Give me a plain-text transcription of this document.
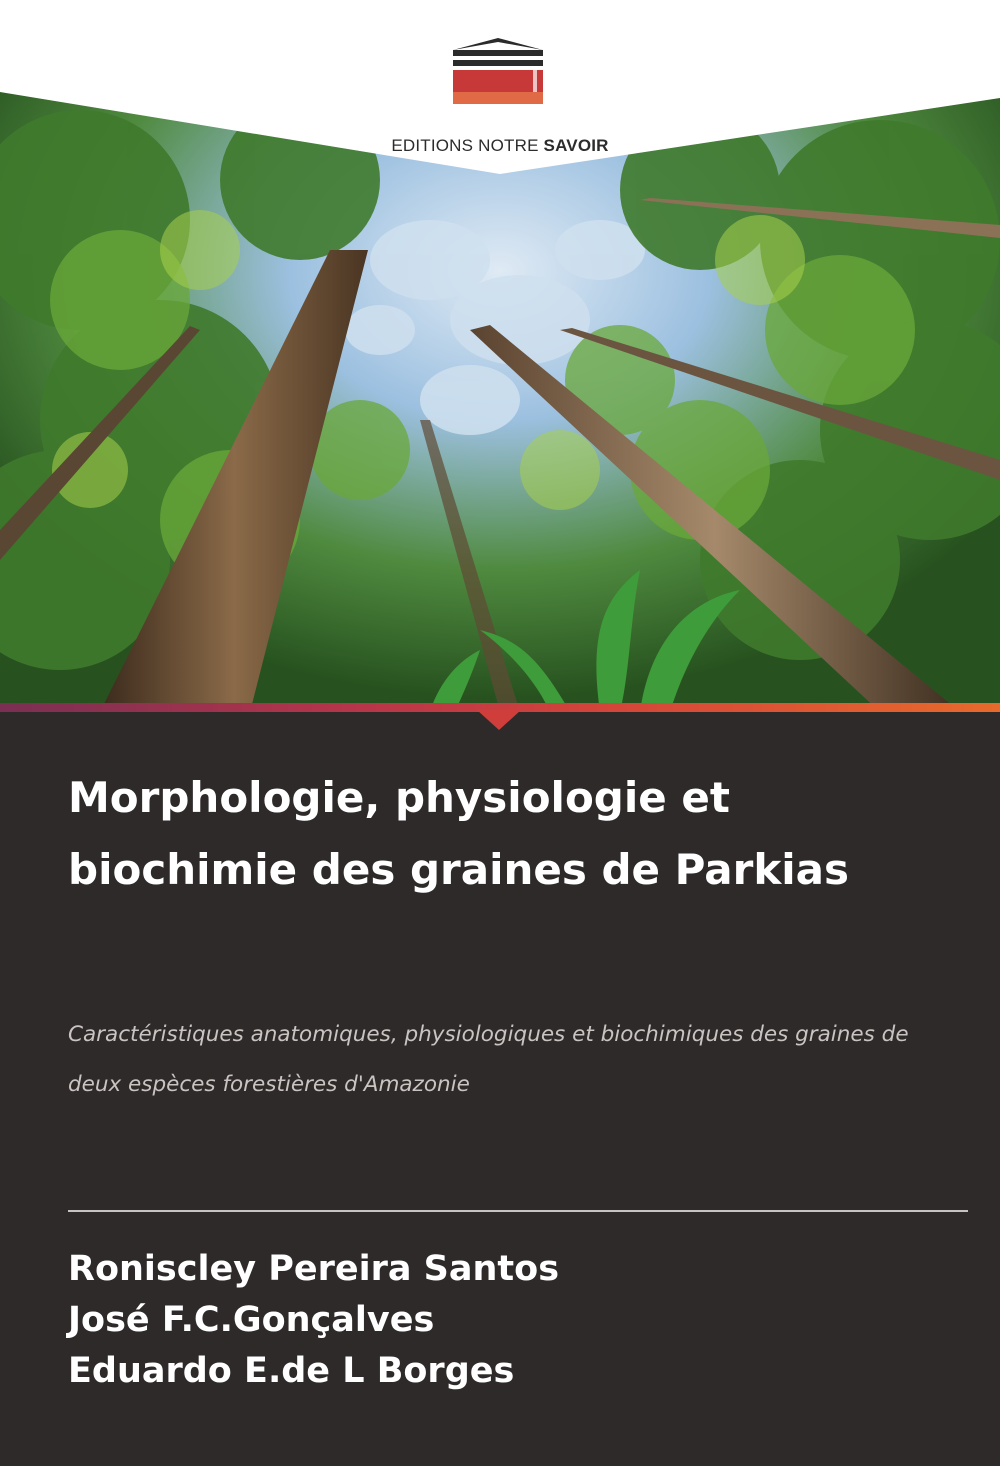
EDITIONS NOTRE SAVOIR
Morphologie, physiologie et biochimie des graines de Parkias

Caractéristiques anatomiques, physiologiques et biochimiques des graines de deux espèces forestières d'Amazonie

Roniscley Pereira Santos
José F.C.Gonçalves
Eduardo E.de L Borges
